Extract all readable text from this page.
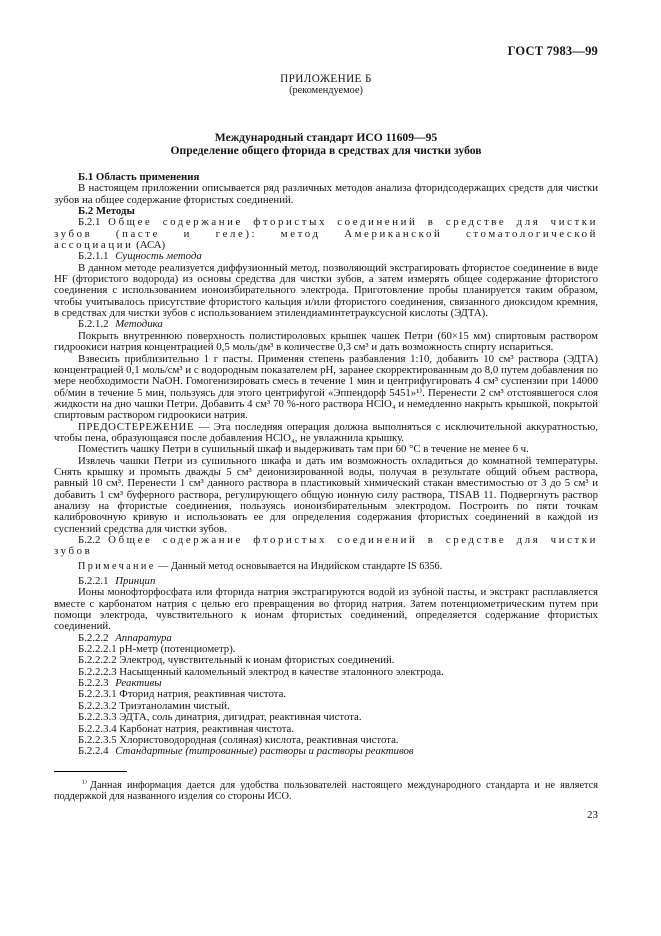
ГОСТ 7983—99
ПРИЛОЖЕНИЕ Б
(рекомендуемое)
Международный стандарт ИСО 11609—95
Определение общего фторида в средствах для чистки зубов

Б.1 Область применения

В настоящем приложении описывается ряд различных методов анализа фторидсодержащих средств для чистки зубов на общее содержание фтористых соединений.

Б.2 Методы

Б.2.1 Общее содержание фтористых соединений в средстве для чистки зубов (пасте и геле): метод Американской стоматологической ассоциации (АСА)

Б.2.1.1 Сущность метода

В данном методе реализуется диффузионный метод, позволяющий экстрагировать фтористое соединение в виде HF (фтористого водорода) из основы средства для чистки зубов, а затем измерять общее содержание фтористого соединения с использованием ионоизбирательного электрода. Приготовление пробы планируется таким образом, чтобы учитывалось присутствие фтористого кальция и/или фтористого соединения, связанного диоксидом кремния, в средствах для чистки зубов с использованием этилендиаминтетрауксусной кислоты (ЭДТА).

Б.2.1.2 Методика

Покрыть внутреннюю поверхность полистироловых крышек чашек Петри (60×15 мм) спиртовым раствором гидроокиси натрия концентрацией 0,5 моль/дм³ в количестве 0,3 см³ и дать возможность спирту испариться.

Взвесить приблизительно 1 г пасты. Применяя степень разбавления 1:10, добавить 10 см³ раствора (ЭДТА) концентрацией 0,1 моль/см³ и с водородным показателем pH, заранее скорректированным до 8,0 путем добавления по мере необходимости NaOH. Гомогенизировать смесь в течение 1 мин и центрифугировать 4 см³ суспензии при 14000 об/мин в течение 5 мин, пользуясь для этого центрифугой «Эппендорф 5451»¹⁾. Перенести 2 см³ отстоявшегося слоя жидкости на дно чашки Петри. Добавить 4 см³ 70 %-ного раствора HClO₄ и немедленно накрыть крышкой, покрытой спиртовым раствором гидроокиси натрия.

ПРЕДОСТЕРЕЖЕНИЕ — Эта последняя операция должна выполняться с исключительной аккуратностью, чтобы пена, образующаяся после добавления HClO₄, не увлажнила крышку.

Поместить чашку Петри в сушильный шкаф и выдерживать там при 60 °С в течение не менее 6 ч.

Извлечь чашки Петри из сушильного шкафа и дать им возможность охладиться до комнатной температуры. Снять крышку и промыть дважды 5 см³ деионизированной воды, получая в результате общий объем раствора, равный 10 см³. Перенести 1 см³ данного раствора в пластиковый химический стакан вместимостью от 3 до 5 см³ и добавить 1 см³ буферного раствора, регулирующего общую ионную силу раствора, TISAB 11. Подвергнуть раствор анализу на фтористые соединения, пользуясь ионоизбирательным электродом. Построить по пяти точкам калибровочную кривую и использовать ее для определения содержания фтористых соединений в каждой из суспензий средства для чистки зубов.

Б.2.2 Общее содержание фтористых соединений в средстве для чистки зубов

Примечание — Данный метод основывается на Индийском стандарте IS 6356.

Б.2.2.1 Принцип

Ионы монофторфосфата или фторида натрия экстрагируются водой из зубной пасты, и экстракт расплавляется вместе с карбонатом натрия с целью его превращения во фторид натрия. Затем потенциометрическим путем при помощи электрода, чувствительного к ионам фтористых соединений, определяется содержание фтористых соединений.

Б.2.2.2 Аппаратура

Б.2.2.2.1 pH-метр (потенциометр).

Б.2.2.2.2 Электрод, чувствительный к ионам фтористых соединений.

Б.2.2.2.3 Насыщенный каломельный электрод в качестве эталонного электрода.

Б.2.2.3 Реактивы

Б.2.2.3.1 Фторид натрия, реактивная чистота.

Б.2.2.3.2 Триэтаноламин чистый.

Б.2.2.3.3 ЭДТА, соль динатрия, дигидрат, реактивная чистота.

Б.2.2.3.4 Карбонат натрия, реактивная чистота.

Б.2.2.3.5 Хлористоводородная (соляная) кислота, реактивная чистота.

Б.2.2.4 Стандартные (титрованные) растворы и растворы реактивов

¹⁾ Данная информация дается для удобства пользователей настоящего международного стандарта и не является поддержкой для названного изделия со стороны ИСО.

23
